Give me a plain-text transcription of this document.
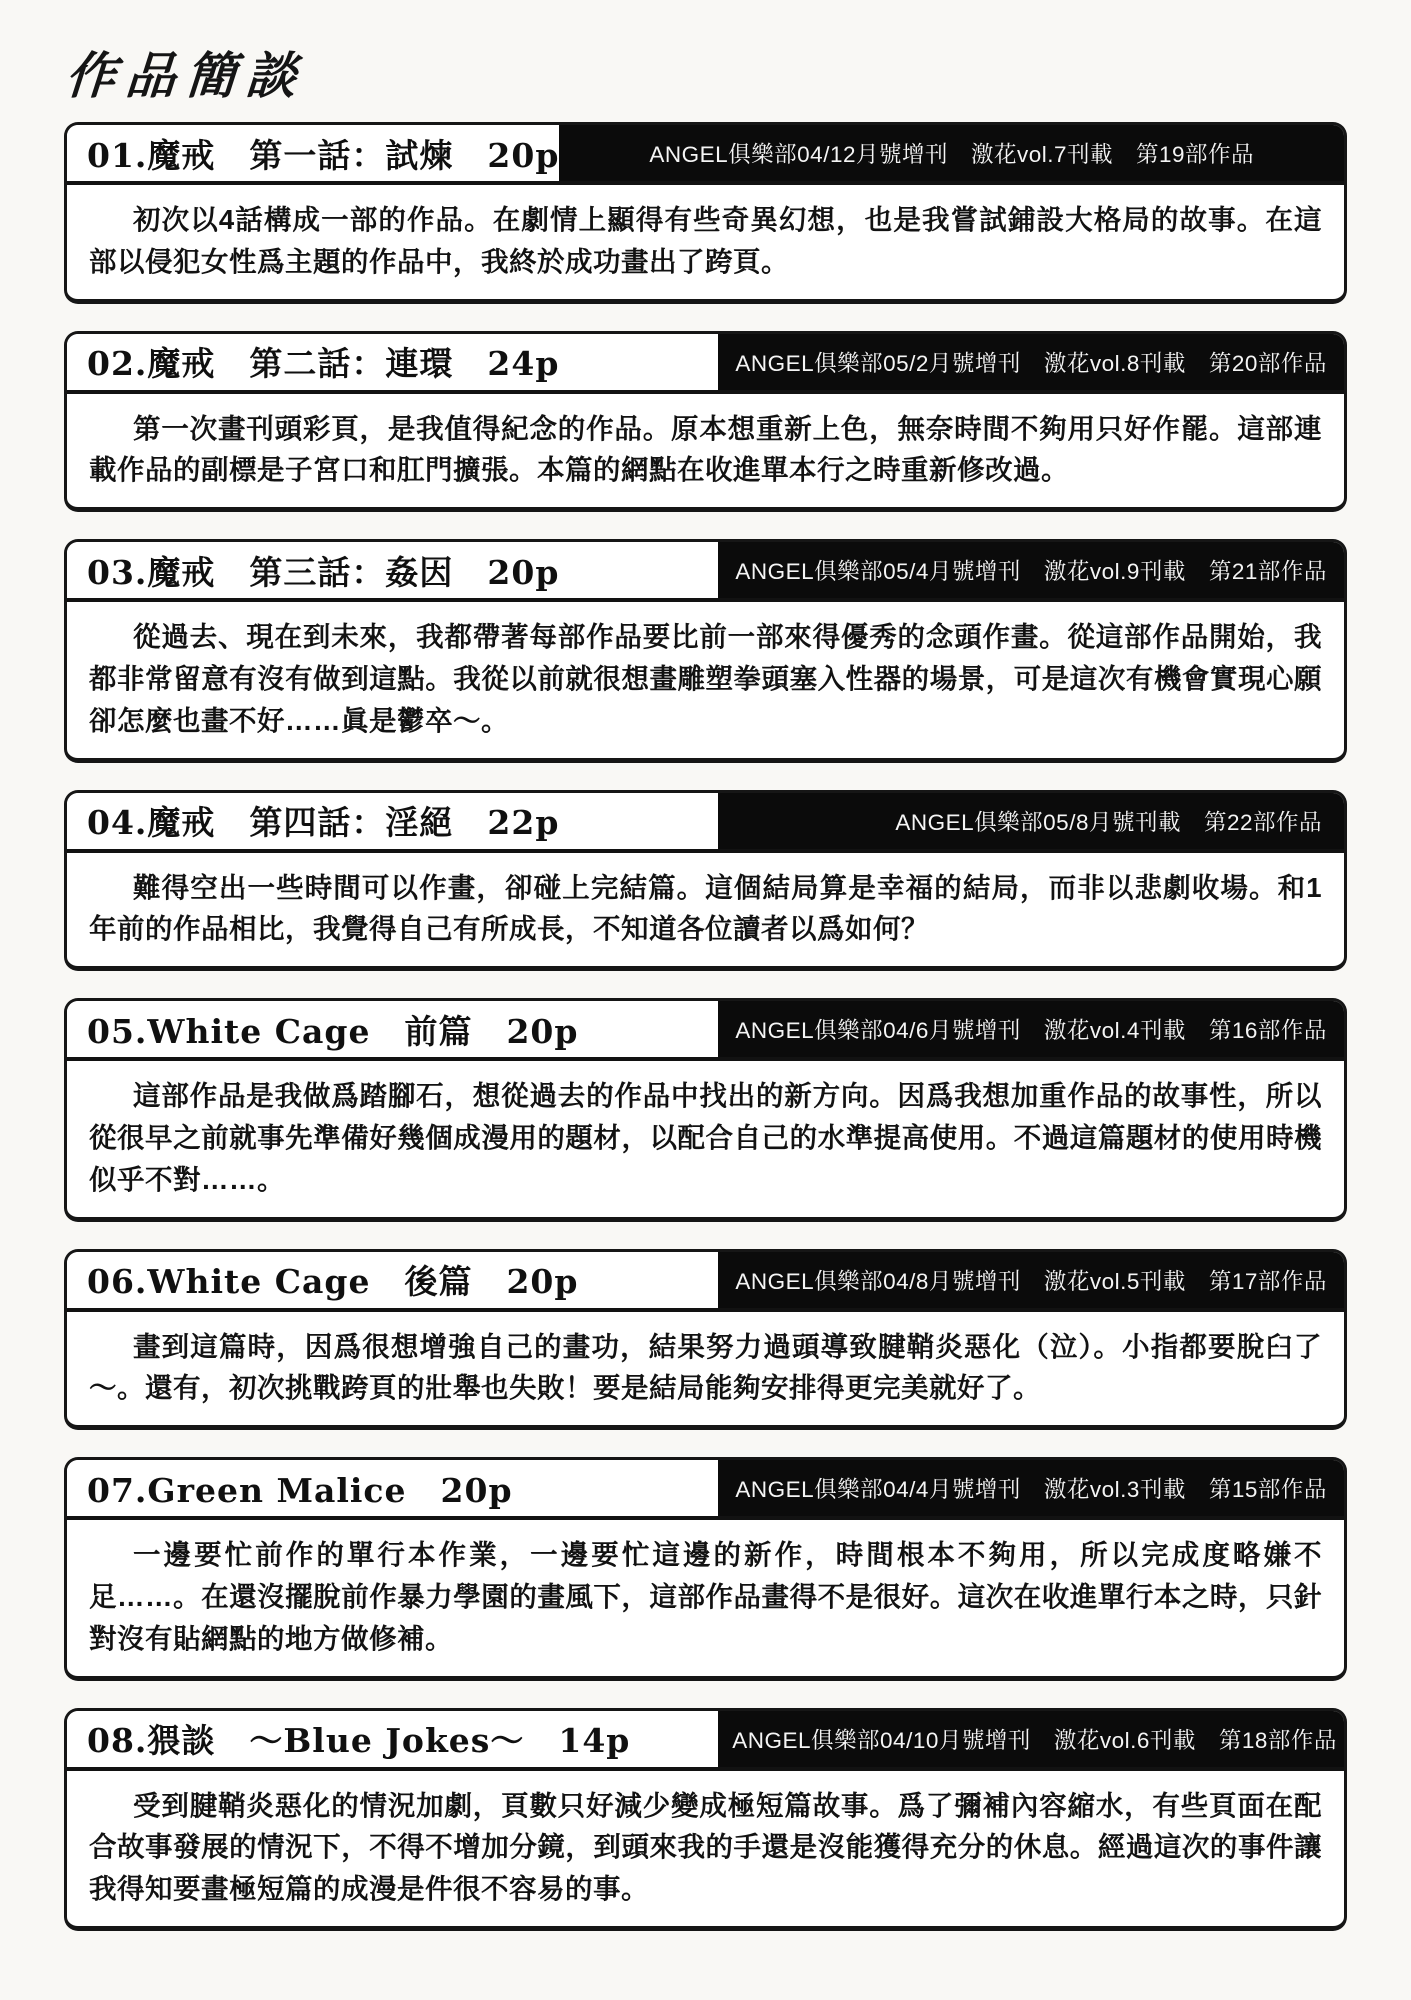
作品簡談
01.魔戒　第一話：試煉　20p	ANGEL俱樂部04/12月號增刊　激花vol.7刊載　第19部作品
初次以4話構成一部的作品。在劇情上顯得有些奇異幻想，也是我嘗試鋪設大格局的故事。在這部以侵犯女性爲主題的作品中，我終於成功畫出了跨頁。
02.魔戒　第二話：連環　24p	ANGEL俱樂部05/2月號增刊　激花vol.8刊載　第20部作品
第一次畫刊頭彩頁，是我值得紀念的作品。原本想重新上色，無奈時間不夠用只好作罷。這部連載作品的副標是子宮口和肛門擴張。本篇的網點在收進單本行之時重新修改過。
03.魔戒　第三話：姦因　20p	ANGEL俱樂部05/4月號增刊　激花vol.9刊載　第21部作品
從過去、現在到未來，我都帶著每部作品要比前一部來得優秀的念頭作畫。從這部作品開始，我都非常留意有沒有做到這點。我從以前就很想畫雕塑拳頭塞入性器的場景，可是這次有機會實現心願卻怎麼也畫不好……眞是鬱卒～。
04.魔戒　第四話：淫絕　22p	ANGEL俱樂部05/8月號刊載　第22部作品
難得空出一些時間可以作畫，卻碰上完結篇。這個結局算是幸福的結局，而非以悲劇收場。和1年前的作品相比，我覺得自己有所成長，不知道各位讀者以爲如何？
05.White Cage　前篇　20p	ANGEL俱樂部04/6月號增刊　激花vol.4刊載　第16部作品
這部作品是我做爲踏腳石，想從過去的作品中找出的新方向。因爲我想加重作品的故事性，所以從很早之前就事先準備好幾個成漫用的題材，以配合自己的水準提高使用。不過這篇題材的使用時機似乎不對……。
06.White Cage　後篇　20p	ANGEL俱樂部04/8月號增刊　激花vol.5刊載　第17部作品
畫到這篇時，因爲很想增強自己的畫功，結果努力過頭導致腱鞘炎惡化（泣）。小指都要脫臼了～。還有，初次挑戰跨頁的壯舉也失敗！要是結局能夠安排得更完美就好了。
07.Green Malice　20p	ANGEL俱樂部04/4月號增刊　激花vol.3刊載　第15部作品
一邊要忙前作的單行本作業，一邊要忙這邊的新作，時間根本不夠用，所以完成度略嫌不足……。在還沒擺脫前作暴力學園的畫風下，這部作品畫得不是很好。這次在收進單行本之時，只針對沒有貼網點的地方做修補。
08.猥談　～Blue Jokes～　14p	ANGEL俱樂部04/10月號增刊　激花vol.6刊載　第18部作品
受到腱鞘炎惡化的情況加劇，頁數只好減少變成極短篇故事。爲了彌補內容縮水，有些頁面在配合故事發展的情況下，不得不增加分鏡，到頭來我的手還是沒能獲得充分的休息。經過這次的事件讓我得知要畫極短篇的成漫是件很不容易的事。
